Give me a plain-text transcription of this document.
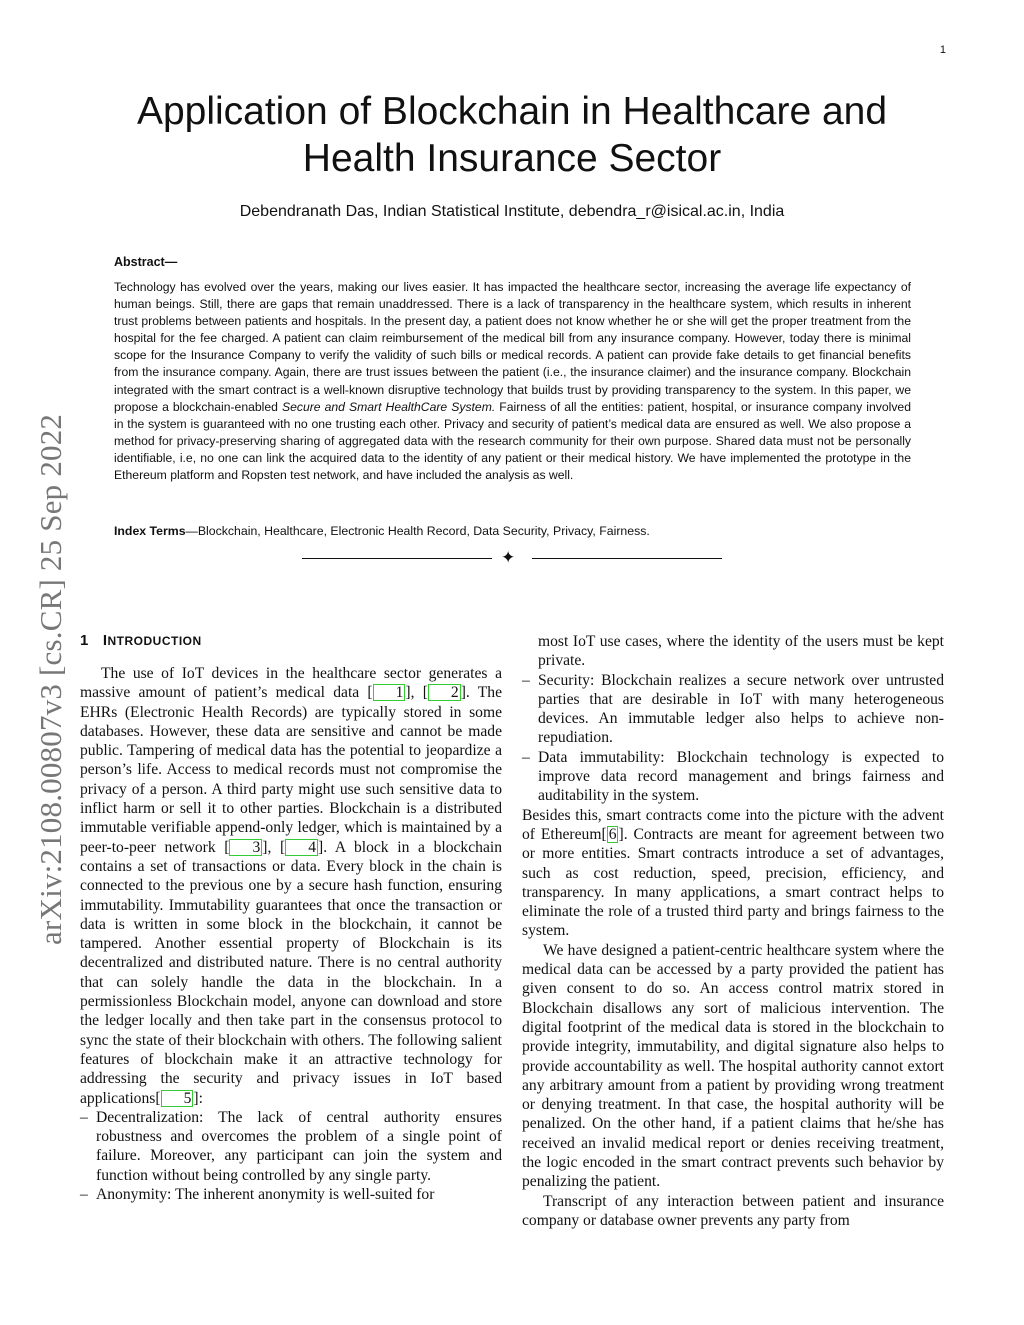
1
arXiv:2108.00807v3 [cs.CR] 25 Sep 2022
Application of Blockchain in Healthcare and
Health Insurance Sector
Debendranath Das, Indian Statistical Institute, debendra_r@isical.ac.in, India
Abstract—

Technology has evolved over the years, making our lives easier. It has impacted the healthcare sector, increasing the average life expectancy of human beings. Still, there are gaps that remain unaddressed. There is a lack of transparency in the healthcare system, which results in inherent trust problems between patients and hospitals. In the present day, a patient does not know whether he or she will get the proper treatment from the hospital for the fee charged. A patient can claim reimbursement of the medical bill from any insurance company. However, today there is minimal scope for the Insurance Company to verify the validity of such bills or medical records. A patient can provide fake details to get financial benefits from the insurance company. Again, there are trust issues between the patient (i.e., the insurance claimer) and the insurance company. Blockchain integrated with the smart contract is a well-known disruptive technology that builds trust by providing transparency to the system. In this paper, we propose a blockchain-enabled Secure and Smart HealthCare System. Fairness of all the entities: patient, hospital, or insurance company involved in the system is guaranteed with no one trusting each other. Privacy and security of patient’s medical data are ensured as well. We also propose a method for privacy-preserving sharing of aggregated data with the research community for their own purpose. Shared data must not be personally identifiable, i.e, no one can link the acquired data to the identity of any patient or their medical history. We have implemented the prototype in the Ethereum platform and Ropsten test network, and have included the analysis as well.

Index Terms—Blockchain, Healthcare, Electronic Health Record, Data Security, Privacy, Fairness.
✦
1 INTRODUCTION

The use of IoT devices in the healthcare sector generates a massive amount of patient’s medical data [ 1 ], [ 2 ]. The EHRs (Electronic Health Records) are typically stored in some databases. However, these data are sensitive and cannot be made public. Tampering of medical data has the potential to jeopardize a person’s life. Access to medical records must not compromise the privacy of a person. A third party might use such sensitive data to inflict harm or sell it to other parties. Blockchain is a distributed immutable verifiable append-only ledger, which is maintained by a peer-to-peer network [ 3 ], [ 4 ]. A block in a blockchain contains a set of transactions or data. Every block in the chain is connected to the previous one by a secure hash function, ensuring immutability. Immutability guarantees that once the transaction or data is written in some block in the blockchain, it cannot be tampered. Another essential property of Blockchain is its decentralized and distributed nature. There is no central authority that can solely handle the data in the blockchain. In a permissionless Blockchain model, anyone can download and store the ledger locally and then take part in the consensus protocol to sync the state of their blockchain with others. The following salient features of blockchain make it an attractive technology for addressing the security and privacy issues in IoT based applications[ 5 ]:

– Decentralization: The lack of central authority ensures robustness and overcomes the problem of a single point of failure. Moreover, any participant can join the system and function without being controlled by any single party.
– Anonymity: The inherent anonymity is well-suited for
most IoT use cases, where the identity of the users must be kept private.
– Security: Blockchain realizes a secure network over untrusted parties that are desirable in IoT with many heterogeneous devices. An immutable ledger also helps to achieve non-repudiation.
– Data immutability: Blockchain technology is expected to improve data record management and brings fairness and auditability in the system.

Besides this, smart contracts come into the picture with the advent of Ethereum[ 6 ]. Contracts are meant for agreement between two or more entities. Smart contracts introduce a set of advantages, such as cost reduction, speed, precision, efficiency, and transparency. In many applications, a smart contract helps to eliminate the role of a trusted third party and brings fairness to the system.

We have designed a patient-centric healthcare system where the medical data can be accessed by a party provided the patient has given consent to do so. An access control matrix stored in Blockchain disallows any sort of malicious intervention. The digital footprint of the medical data is stored in the blockchain to provide integrity, immutability, and digital signature also helps to provide accountability as well. The hospital authority cannot extort any arbitrary amount from a patient by providing wrong treatment or denying treatment. In that case, the hospital authority will be penalized. On the other hand, if a patient claims that he/she has received an invalid medical report or denies receiving treatment, the logic encoded in the smart contract prevents such behavior by penalizing the patient.

Transcript of any interaction between patient and insurance company or database owner prevents any party from
